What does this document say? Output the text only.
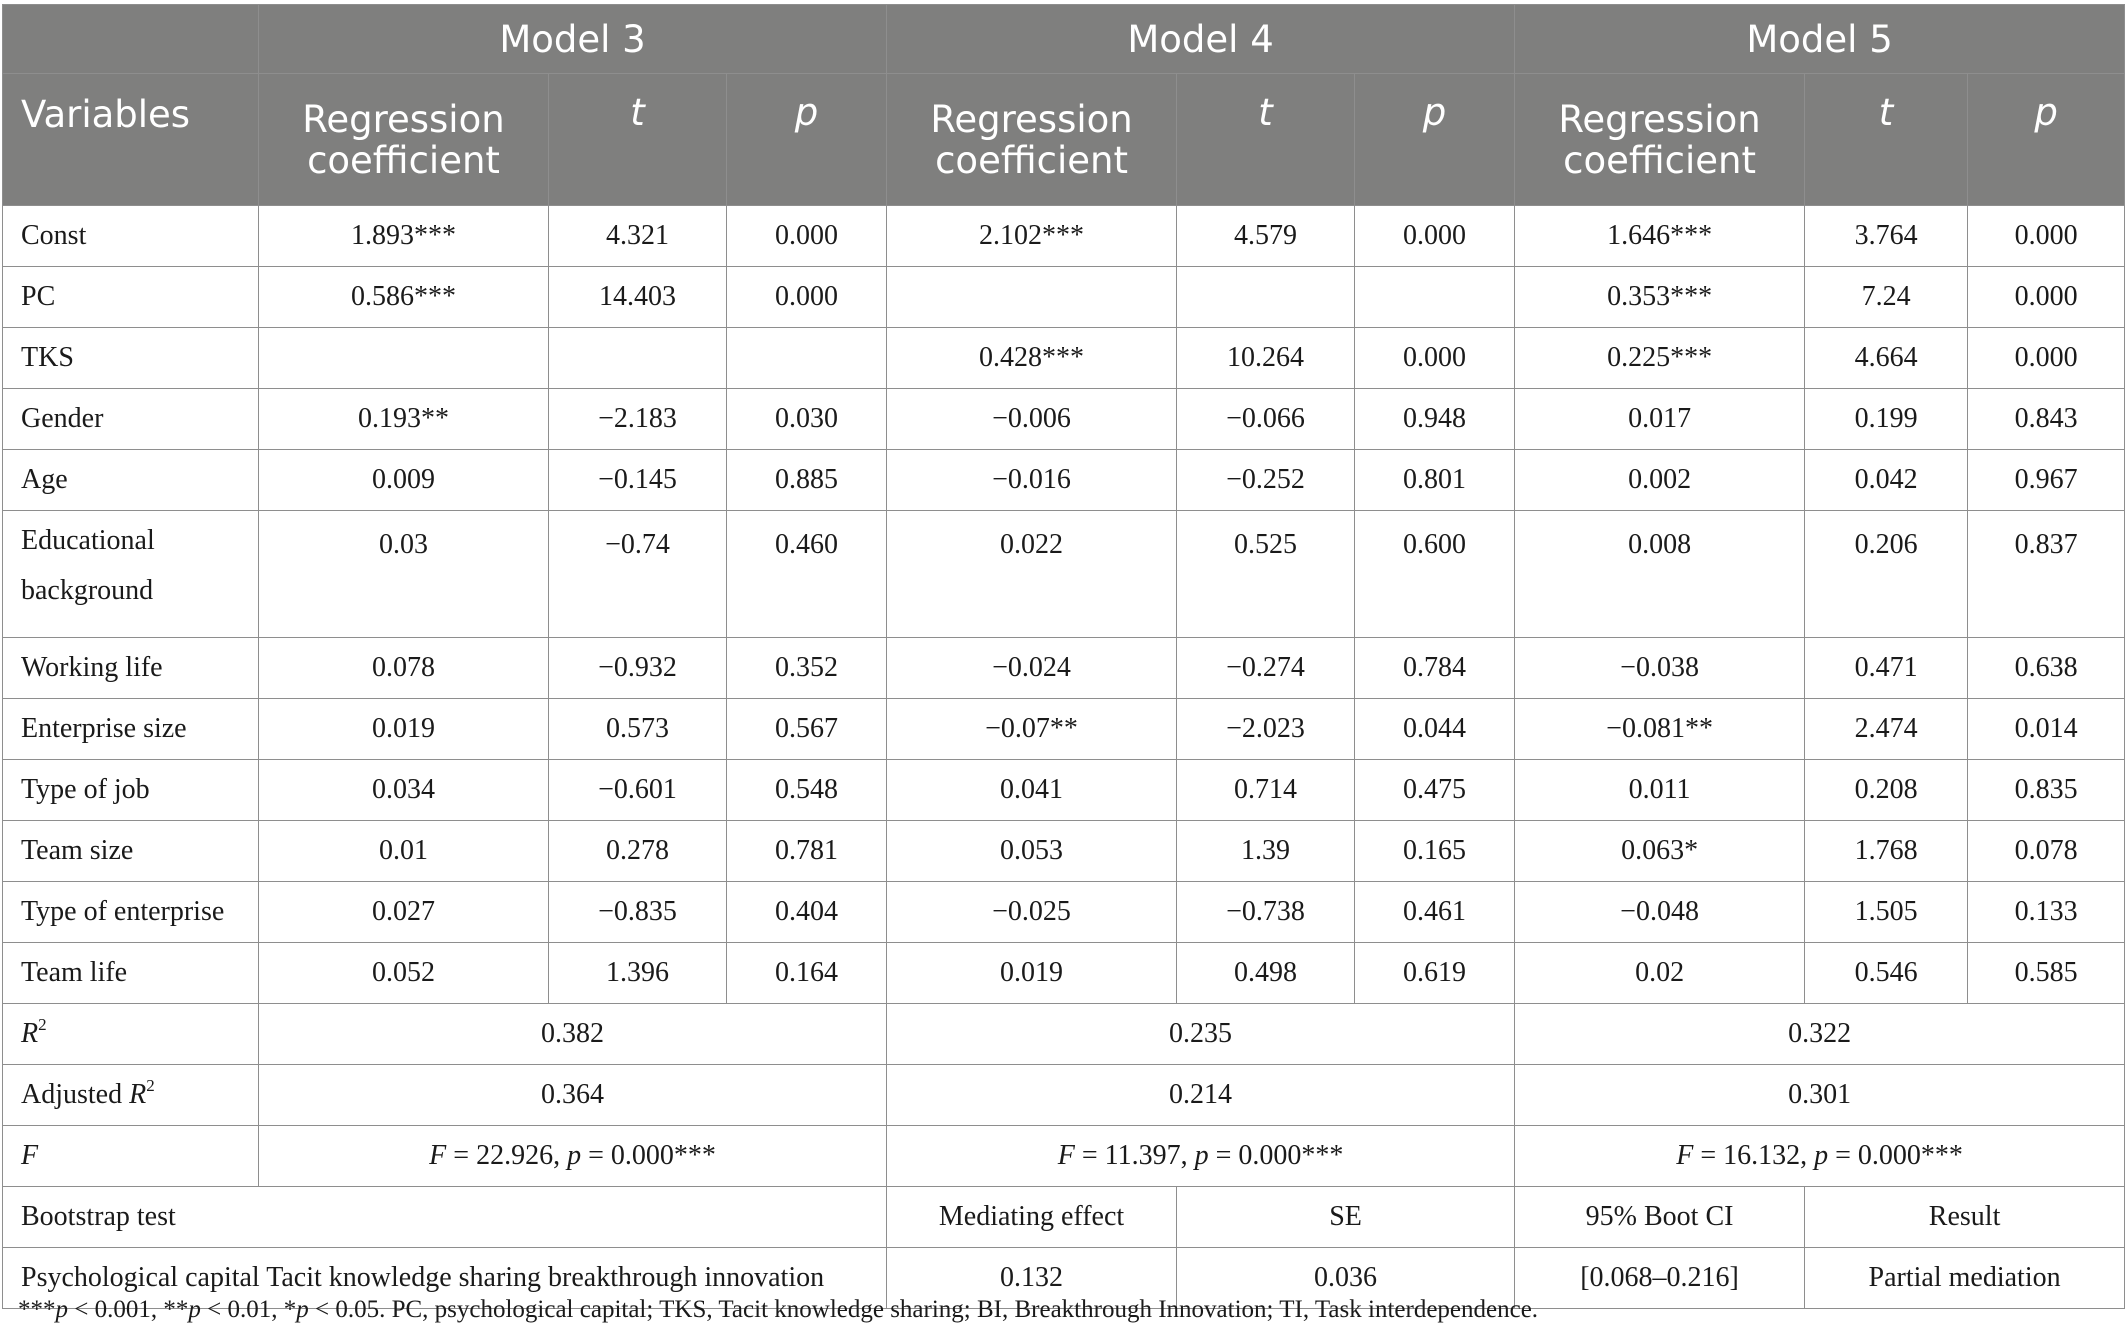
	Model 3			Model 4			Model 5		
Variables	Regression coefficient	t	p	Regression coefficient	t	p	Regression coefficient	t	p
Const	1.893***	4.321	0.000	2.102***	4.579	0.000	1.646***	3.764	0.000
PC	0.586***	14.403	0.000				0.353***	7.24	0.000
TKS				0.428***	10.264	0.000	0.225***	4.664	0.000
Gender	0.193**	−2.183	0.030	−0.006	−0.066	0.948	0.017	0.199	0.843
Age	0.009	−0.145	0.885	−0.016	−0.252	0.801	0.002	0.042	0.967

Educational background	0.03	−0.74	0.460	0.022	0.525	0.600	0.008	0.206	0.837
Working life	0.078	−0.932	0.352	−0.024	−0.274	0.784	−0.038	0.471	0.638
Enterprise size	0.019	0.573	0.567	−0.07**	−2.023	0.044	−0.081**	2.474	0.014
Type of job	0.034	−0.601	0.548	0.041	0.714	0.475	0.011	0.208	0.835
Team size	0.01	0.278	0.781	0.053	1.39	0.165	0.063*	1.768	0.078
Type of enterprise	0.027	−0.835	0.404	−0.025	−0.738	0.461	−0.048	1.505	0.133
Team life	0.052	1.396	0.164	0.019	0.498	0.619	0.02	0.546	0.585
$R^2$	0.382			0.235			0.322		
Adjusted $R^2$	0.364			0.214			0.301		
F	F = 22.926, p = 0.000***			F = 11.397, p = 0.000***			F = 16.132, p = 0.000***		
Bootstrap test				Mediating effect	SE		95% Boot CI	Result	
Psychological capital Tacit knowledge sharing breakthrough innovation				0.132	0.036		[0.068–0.216]	Partial mediation	
***p < 0.001, **p < 0.01, *p < 0.05. PC, psychological capital; TKS, Tacit knowledge sharing; BI, Breakthrough Innovation; TI, Task interdependence.
